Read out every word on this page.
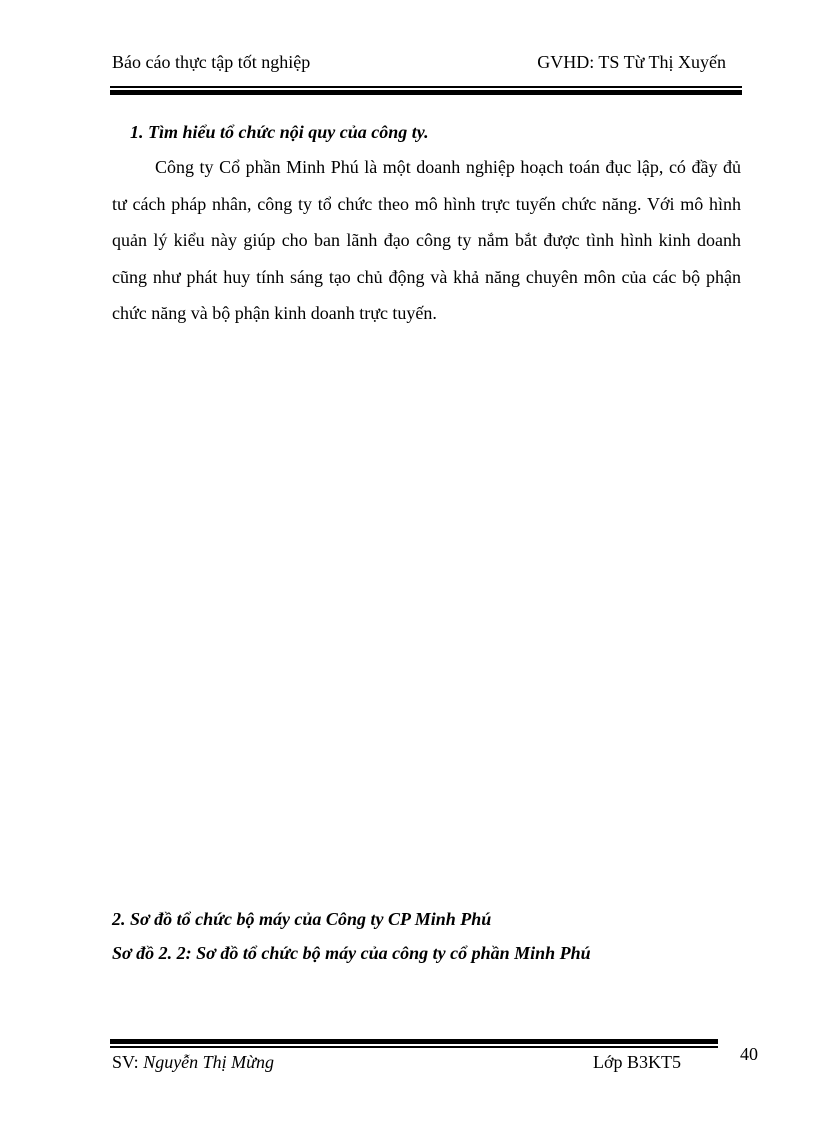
Báo cáo thực tập tốt nghiệp	GVHD: TS Từ Thị Xuyến
1. Tìm hiểu tổ chức nội quy của công ty.

Công ty Cổ phần Minh Phú là một doanh nghiệp hoạch toán đục lập, có đầy đủ tư cách pháp nhân, công ty tổ chức theo mô hình trực tuyến chức năng. Với mô hình quản lý kiểu này giúp cho ban lãnh đạo công ty nắm bắt được tình hình kinh doanh cũng như phát huy tính sáng tạo chủ động và khả năng chuyên môn của các bộ phận chức năng và bộ phận kinh doanh trực tuyến.

2. Sơ đồ tổ chức bộ máy của Công ty CP Minh Phú
Sơ đồ 2. 2: Sơ đồ tổ chức bộ máy của công ty cổ phần Minh Phú
SV: Nguyễn Thị Mừng	Lớp B3KT5	40
